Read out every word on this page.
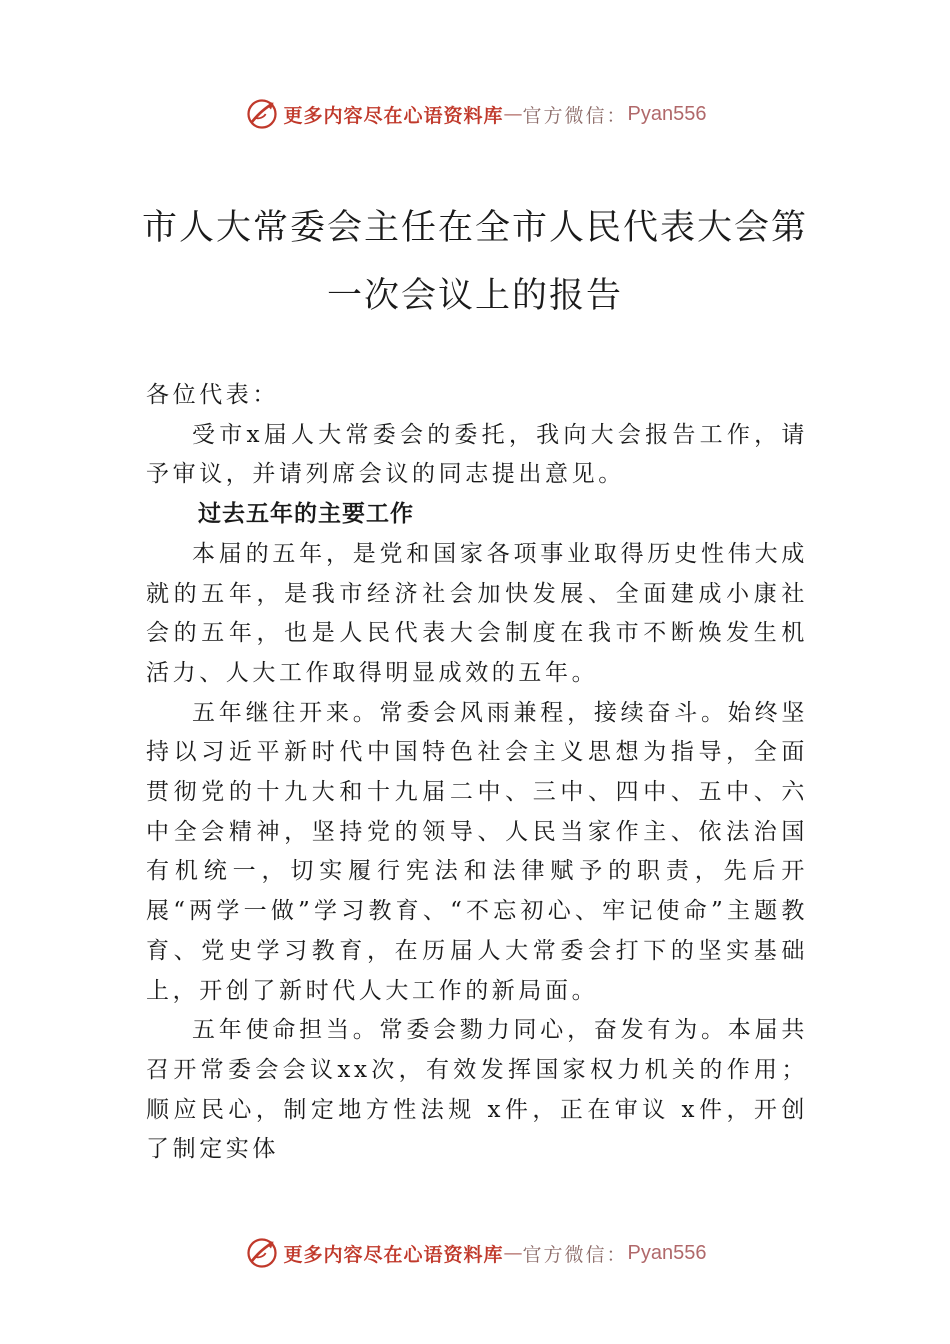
更多内容尽在心语资料库 — 官方微信： Pyan556
市人大常委会主任在全市人民代表大会第
一次会议上的报告

各位代表：

受市x届人大常委会的委托，我向大会报告工作，请予审议，并请列席会议的同志提出意见。

过去五年的主要工作

本届的五年，是党和国家各项事业取得历史性伟大成就的五年，是我市经济社会加快发展、全面建成小康社会的五年，也是人民代表大会制度在我市不断焕发生机活力、人大工作取得明显成效的五年。

五年继往开来。常委会风雨兼程，接续奋斗。始终坚持以习近平新时代中国特色社会主义思想为指导，全面贯彻党的十九大和十九届二中、三中、四中、五中、六中全会精神，坚持党的领导、人民当家作主、依法治国有机统一，切实履行宪法和法律赋予的职责，先后开展“两学一做”学习教育、“不忘初心、牢记使命”主题教育、党史学习教育，在历届人大常委会打下的坚实基础上，开创了新时代人大工作的新局面。

五年使命担当。常委会勠力同心，奋发有为。本届共召开常委会会议xx次，有效发挥国家权力机关的作用；顺应民心，制定地方性法规 x件，正在审议 x件，开创了制定实体

更多内容尽在心语资料库 — 官方微信： Pyan556
